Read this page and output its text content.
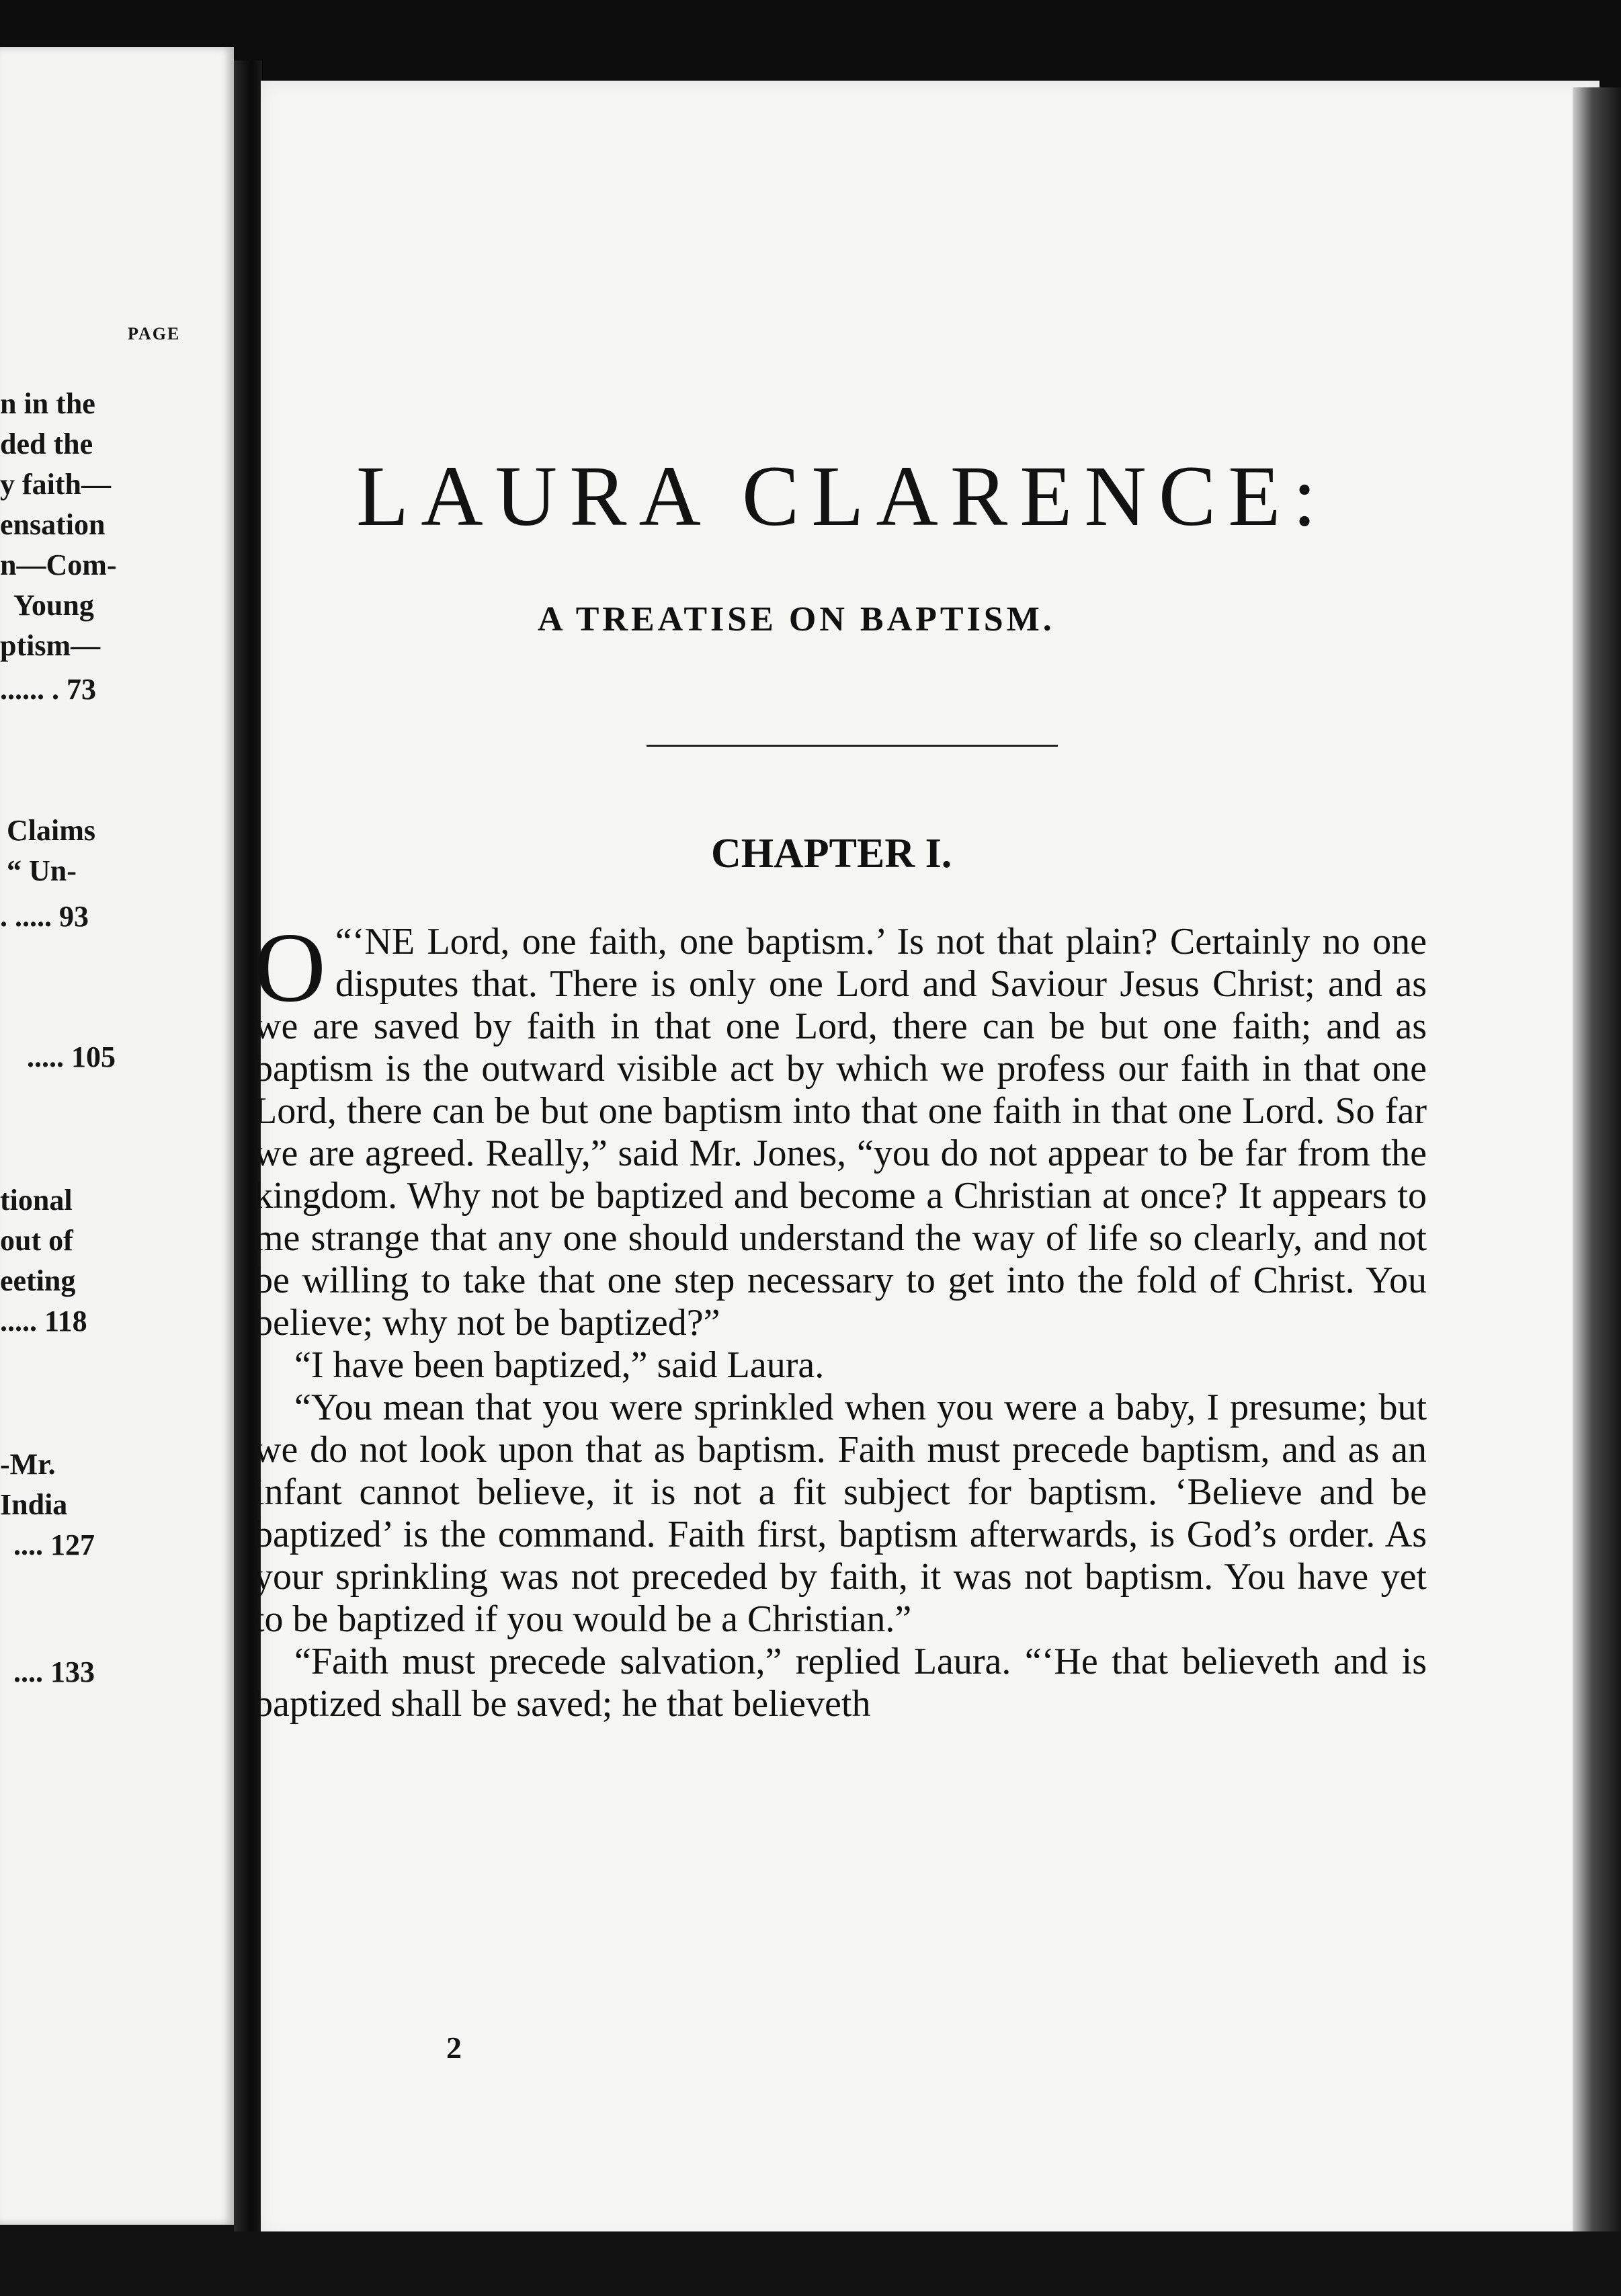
PAGE
n in the
ded the
y faith—
ensation
n—Com-
Young
ptism—
...... . 73
Claims
“ Un-
. ..... 93
..... 105
tional
out of
eeting
..... 118
-Mr.
India
.... 127
.... 133
LAURA CLARENCE:
A TREATISE ON BAPTISM.
CHAPTER I.

“‘
O NE Lord, one faith, one baptism.’ Is not that plain? Certainly no one disputes that. There is only one Lord and Saviour Jesus Christ; and as we are saved by faith in that one Lord, there can be but one faith; and as baptism is the outward visible act by which we profess our faith in that one Lord, there can be but one baptism into that one faith in that one Lord. So far we are agreed. Really,” said Mr. Jones, “you do not appear to be far from the kingdom. Why not be baptized and become a Christian at once? It appears to me strange that any one should understand the way of life so clearly, and not be willing to take that one step necessary to get into the fold of Christ. You believe; why not be baptized?”

“I have been baptized,” said Laura.

“You mean that you were sprinkled when you were a baby, I presume; but we do not look upon that as baptism. Faith must precede baptism, and as an infant cannot believe, it is not a fit subject for baptism. ‘Believe and be baptized’ is the command. Faith first, baptism afterwards, is God’s order. As your sprinkling was not preceded by faith, it was not baptism. You have yet to be baptized if you would be a Christian.”

“Faith must precede salvation,” replied Laura. “‘He that believeth and is baptized shall be saved; he that believeth

2
